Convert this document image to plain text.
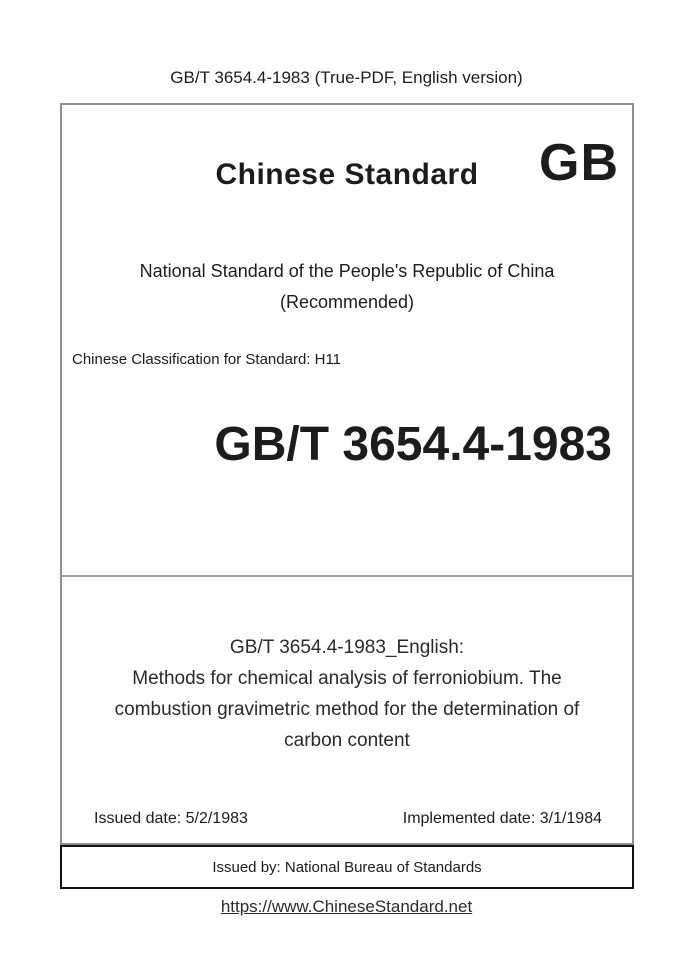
GB/T 3654.4-1983 (True-PDF, English version)
Chinese Standard	GB
National Standard of the People's Republic of China
(Recommended)
Chinese Classification for Standard: H11
GB/T 3654.4-1983
GB/T 3654.4-1983_English:
Methods for chemical analysis of ferroniobium. The
combustion gravimetric method for the determination of
carbon content
Issued date: 5/2/1983	Implemented date: 3/1/1984
Issued by: National Bureau of Standards
https://www.ChineseStandard.net
